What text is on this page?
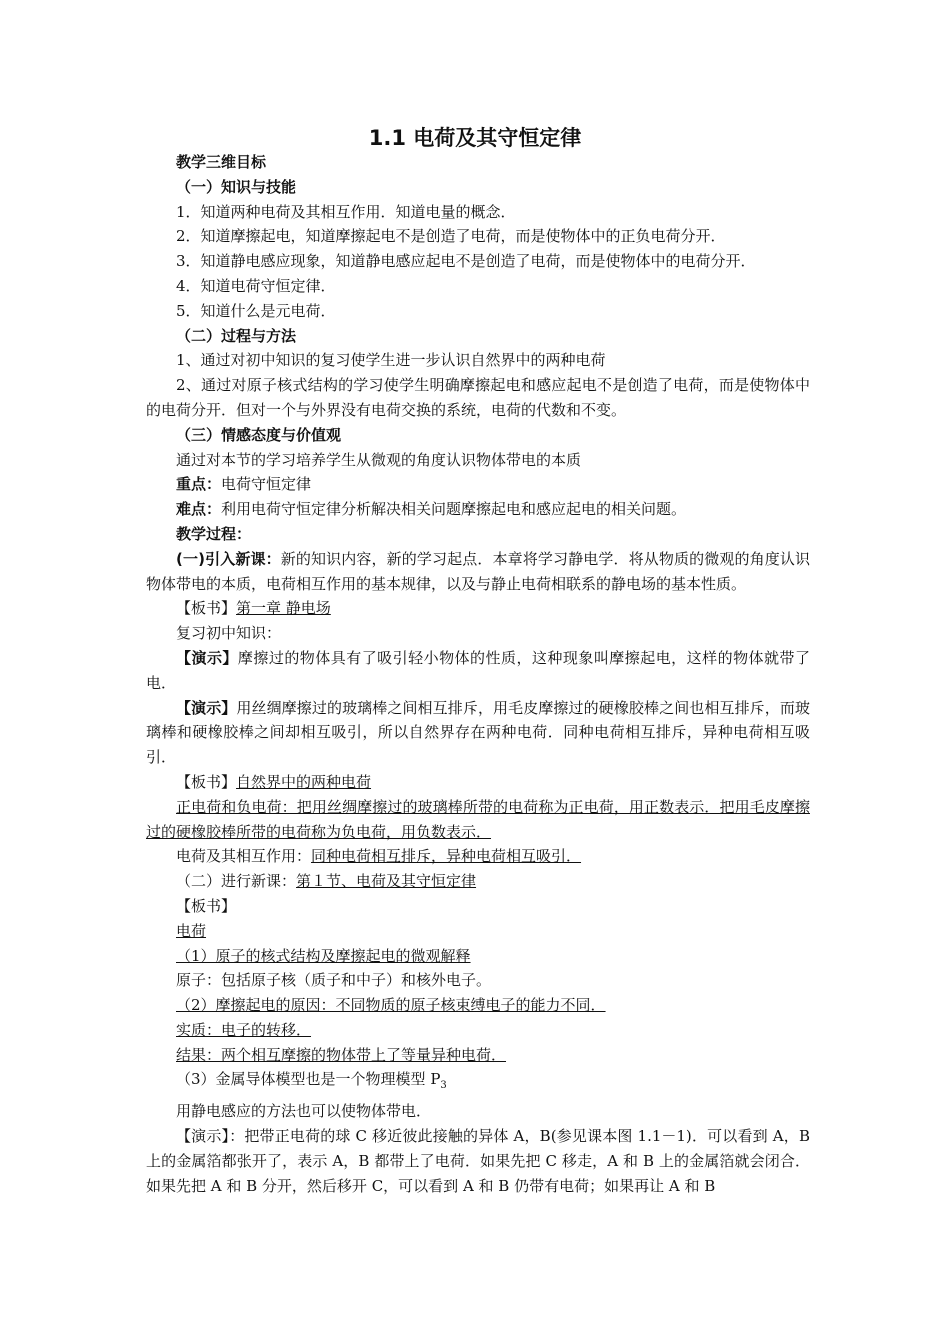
1.1 电荷及其守恒定律

教学三维目标

（一）知识与技能

1．知道两种电荷及其相互作用．知道电量的概念．

2．知道摩擦起电，知道摩擦起电不是创造了电荷，而是使物体中的正负电荷分开．

3．知道静电感应现象，知道静电感应起电不是创造了电荷，而是使物体中的电荷分开．

4．知道电荷守恒定律．

5．知道什么是元电荷．

（二）过程与方法

1、通过对初中知识的复习使学生进一步认识自然界中的两种电荷

2、通过对原子核式结构的学习使学生明确摩擦起电和感应起电不是创造了电荷，而是使物体中的电荷分开．但对一个与外界没有电荷交换的系统，电荷的代数和不变。

（三）情感态度与价值观

通过对本节的学习培养学生从微观的角度认识物体带电的本质

重点：电荷守恒定律

难点：利用电荷守恒定律分析解决相关问题摩擦起电和感应起电的相关问题。

教学过程：

(一)引入新课：新的知识内容，新的学习起点．本章将学习静电学．将从物质的微观的角度认识物体带电的本质，电荷相互作用的基本规律，以及与静止电荷相联系的静电场的基本性质。

【板书】第一章 静电场

复习初中知识：

【演示】摩擦过的物体具有了吸引轻小物体的性质，这种现象叫摩擦起电，这样的物体就带了电．

【演示】用丝绸摩擦过的玻璃棒之间相互排斥，用毛皮摩擦过的硬橡胶棒之间也相互排斥，而玻璃棒和硬橡胶棒之间却相互吸引，所以自然界存在两种电荷．同种电荷相互排斥，异种电荷相互吸引．

【板书】自然界中的两种电荷

正电荷和负电荷：把用丝绸摩擦过的玻璃棒所带的电荷称为正电荷，用正数表示．把用毛皮摩擦过的硬橡胶棒所带的电荷称为负电荷，用负数表示．

电荷及其相互作用：同种电荷相互排斥，异种电荷相互吸引．

（二）进行新课：第１节、电荷及其守恒定律

【板书】

电荷

（1）原子的核式结构及摩擦起电的微观解释

原子：包括原子核（质子和中子）和核外电子。

（2）摩擦起电的原因：不同物质的原子核束缚电子的能力不同．

实质：电子的转移．

结果：两个相互摩擦的物体带上了等量异种电荷．

（3）金属导体模型也是一个物理模型 $P_3$

用静电感应的方法也可以使物体带电．

【演示】：把带正电荷的球 C 移近彼此接触的异体 A，B(参见课本图 1.1－1)．可以看到 A，B 上的金属箔都张开了，表示 A，B 都带上了电荷．如果先把 C 移走，A 和 B 上的金属箔就会闭合．如果先把 A 和 B 分开，然后移开 C，可以看到 A 和 B 仍带有电荷；如果再让 A 和 B
